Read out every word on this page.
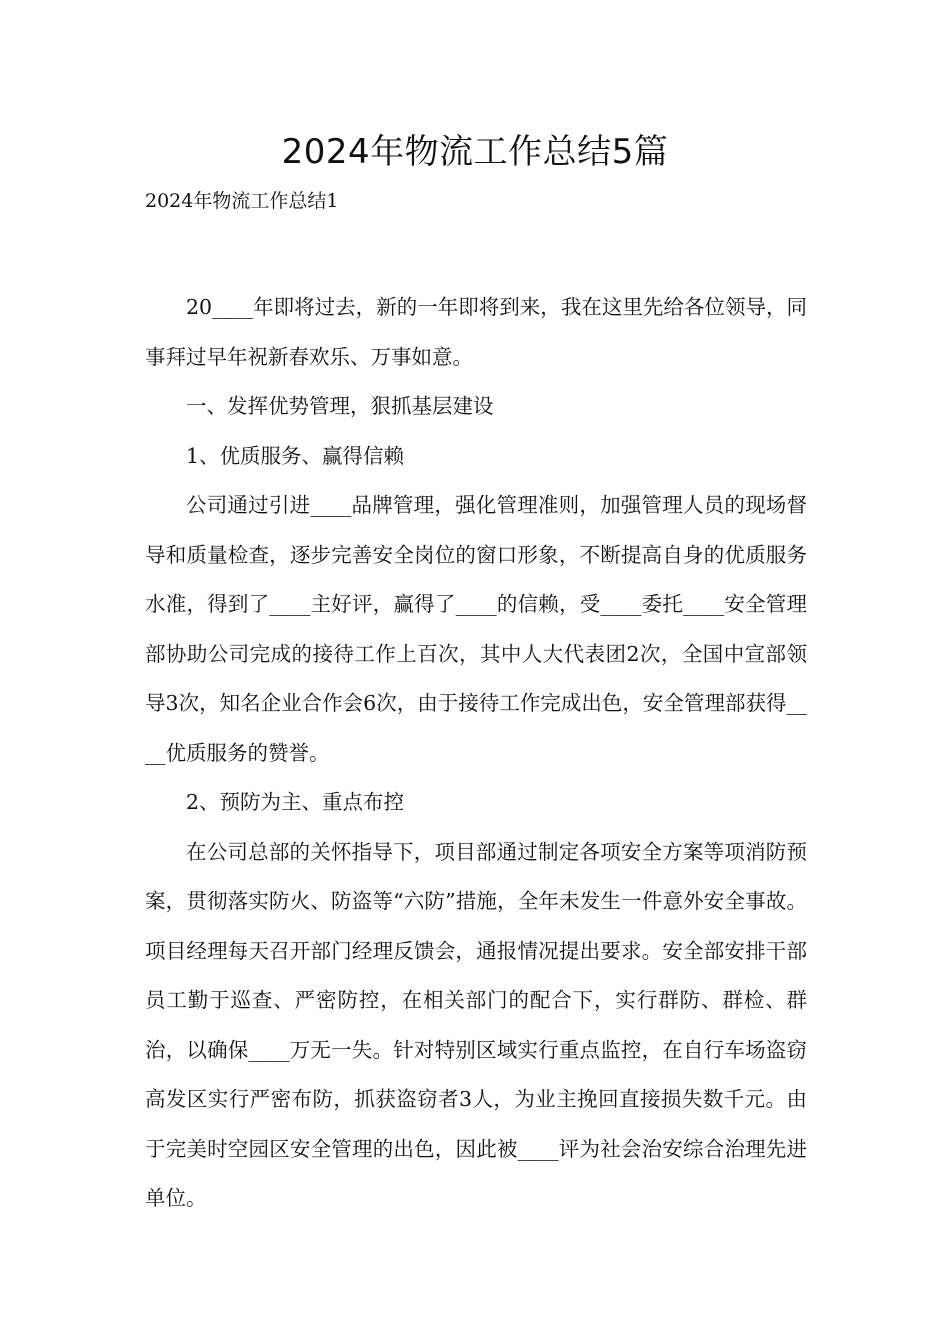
2024年物流工作总结5篇

2024年物流工作总结1

20____年即将过去，新的一年即将到来，我在这里先给各位领导，同事拜过早年祝新春欢乐、万事如意。

一、发挥优势管理，狠抓基层建设

1、优质服务、赢得信赖

公司通过引进____品牌管理，强化管理准则，加强管理人员的现场督导和质量检查，逐步完善安全岗位的窗口形象，不断提高自身的优质服务水准，得到了____主好评，赢得了____的信赖，受____委托____安全管理部协助公司完成的接待工作上百次，其中人大代表团2次，全国中宣部领导3次，知名企业合作会6次，由于接待工作完成出色，安全管理部获得____优质服务的赞誉。

2、预防为主、重点布控

在公司总部的关怀指导下，项目部通过制定各项安全方案等项消防预案，贯彻落实防火、防盗等“六防”措施，全年未发生一件意外安全事故。项目经理每天召开部门经理反馈会，通报情况提出要求。安全部安排干部员工勤于巡查、严密防控，在相关部门的配合下，实行群防、群检、群治，以确保____万无一失。针对特别区域实行重点监控，在自行车场盗窃高发区实行严密布防，抓获盗窃者3人，为业主挽回直接损失数千元。由于完美时空园区安全管理的出色，因此被____评为社会治安综合治理先进单位。
